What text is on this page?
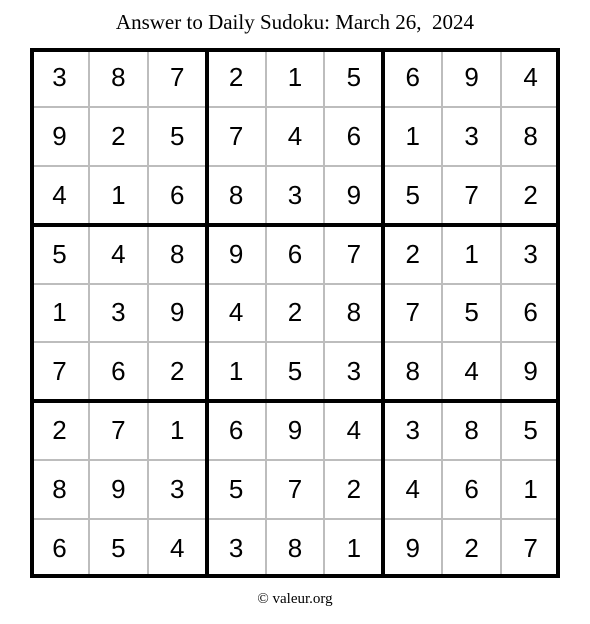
Answer to Daily Sudoku: March 26,  2024
3	8	7	2	1	5	6	9	4
9	2	5	7	4	6	1	3	8
4	1	6	8	3	9	5	7	2
5	4	8	9	6	7	2	1	3
1	3	9	4	2	8	7	5	6
7	6	2	1	5	3	8	4	9
2	7	1	6	9	4	3	8	5
8	9	3	5	7	2	4	6	1
6	5	4	3	8	1	9	2	7
© valeur.org
